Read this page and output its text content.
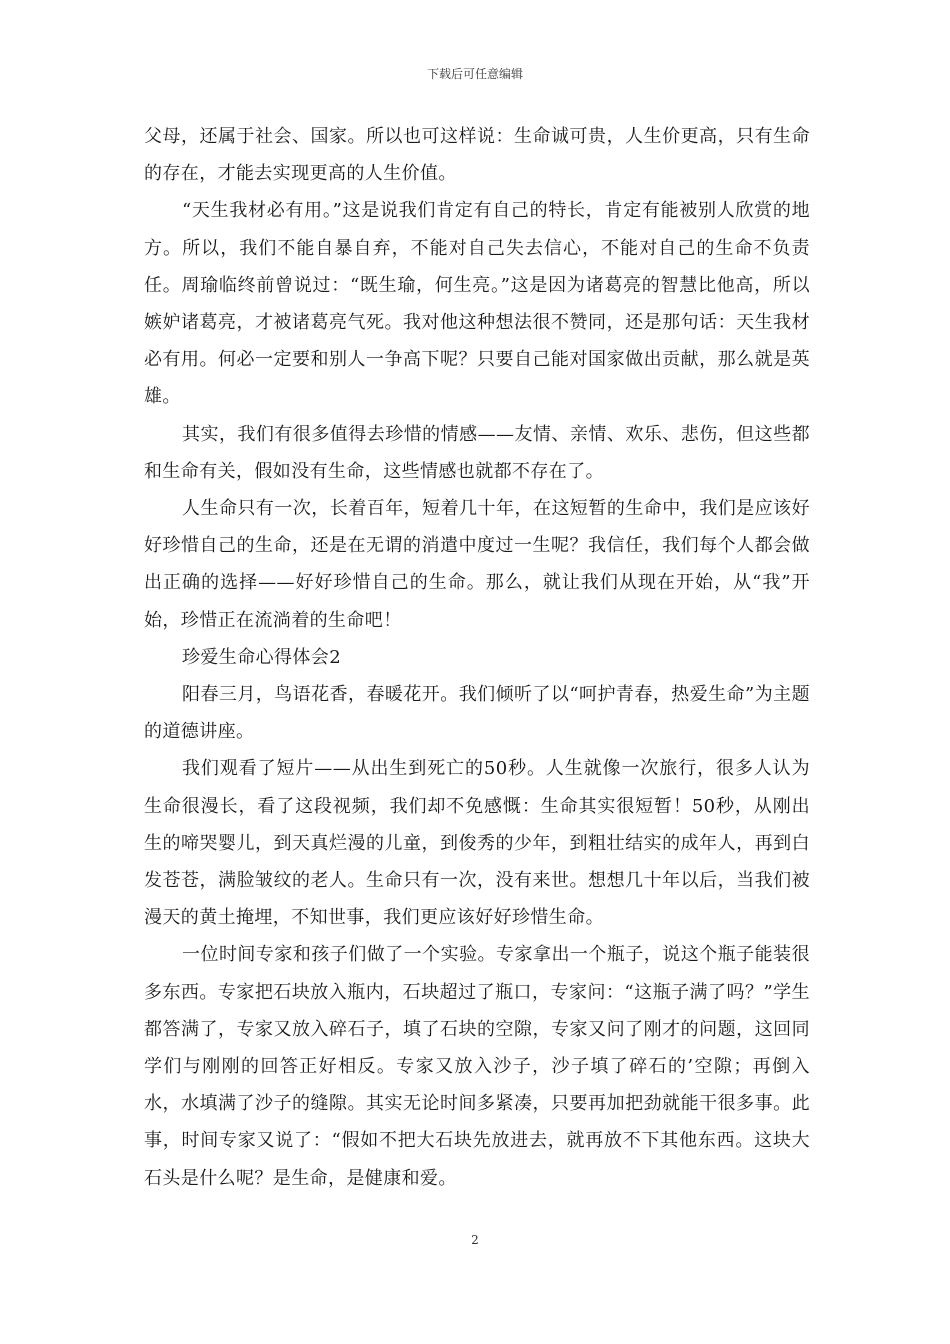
下载后可任意编辑

父母，还属于社会、国家。所以也可这样说：生命诚可贵，人生价更高，只有生命的存在，才能去实现更高的人生价值。

“天生我材必有用。”这是说我们肯定有自己的特长，肯定有能被别人欣赏的地方。所以，我们不能自暴自弃，不能对自己失去信心，不能对自己的生命不负责任。周瑜临终前曾说过：“既生瑜，何生亮。”这是因为诸葛亮的智慧比他高，所以嫉妒诸葛亮，才被诸葛亮气死。我对他这种想法很不赞同，还是那句话：天生我材必有用。何必一定要和别人一争高下呢？只要自己能对国家做出贡献，那么就是英雄。

其实，我们有很多值得去珍惜的情感——友情、亲情、欢乐、悲伤，但这些都和生命有关，假如没有生命，这些情感也就都不存在了。

人生命只有一次，长着百年，短着几十年，在这短暂的生命中，我们是应该好好珍惜自己的生命，还是在无谓的消遣中度过一生呢？我信任，我们每个人都会做出正确的选择——好好珍惜自己的生命。那么，就让我们从现在开始，从“我”开始，珍惜正在流淌着的生命吧！

珍爱生命心得体会2

阳春三月，鸟语花香，春暖花开。我们倾听了以“呵护青春，热爱生命”为主题的道德讲座。

我们观看了短片——从出生到死亡的50秒。人生就像一次旅行，很多人认为生命很漫长，看了这段视频，我们却不免感慨：生命其实很短暂！50秒，从刚出生的啼哭婴儿，到天真烂漫的儿童，到俊秀的少年，到粗壮结实的成年人，再到白发苍苍，满脸皱纹的老人。生命只有一次，没有来世。想想几十年以后，当我们被漫天的黄土掩埋，不知世事，我们更应该好好珍惜生命。

一位时间专家和孩子们做了一个实验。专家拿出一个瓶子，说这个瓶子能装很多东西。专家把石块放入瓶内，石块超过了瓶口，专家问：“这瓶子满了吗？”学生都答满了，专家又放入碎石子，填了石块的空隙，专家又问了刚才的问题，这回同学们与刚刚的回答正好相反。专家又放入沙子，沙子填了碎石的’空隙；再倒入水，水填满了沙子的缝隙。其实无论时间多紧凑，只要再加把劲就能干很多事。此事，时间专家又说了：“假如不把大石块先放进去，就再放不下其他东西。这块大石头是什么呢？是生命，是健康和爱。

2
